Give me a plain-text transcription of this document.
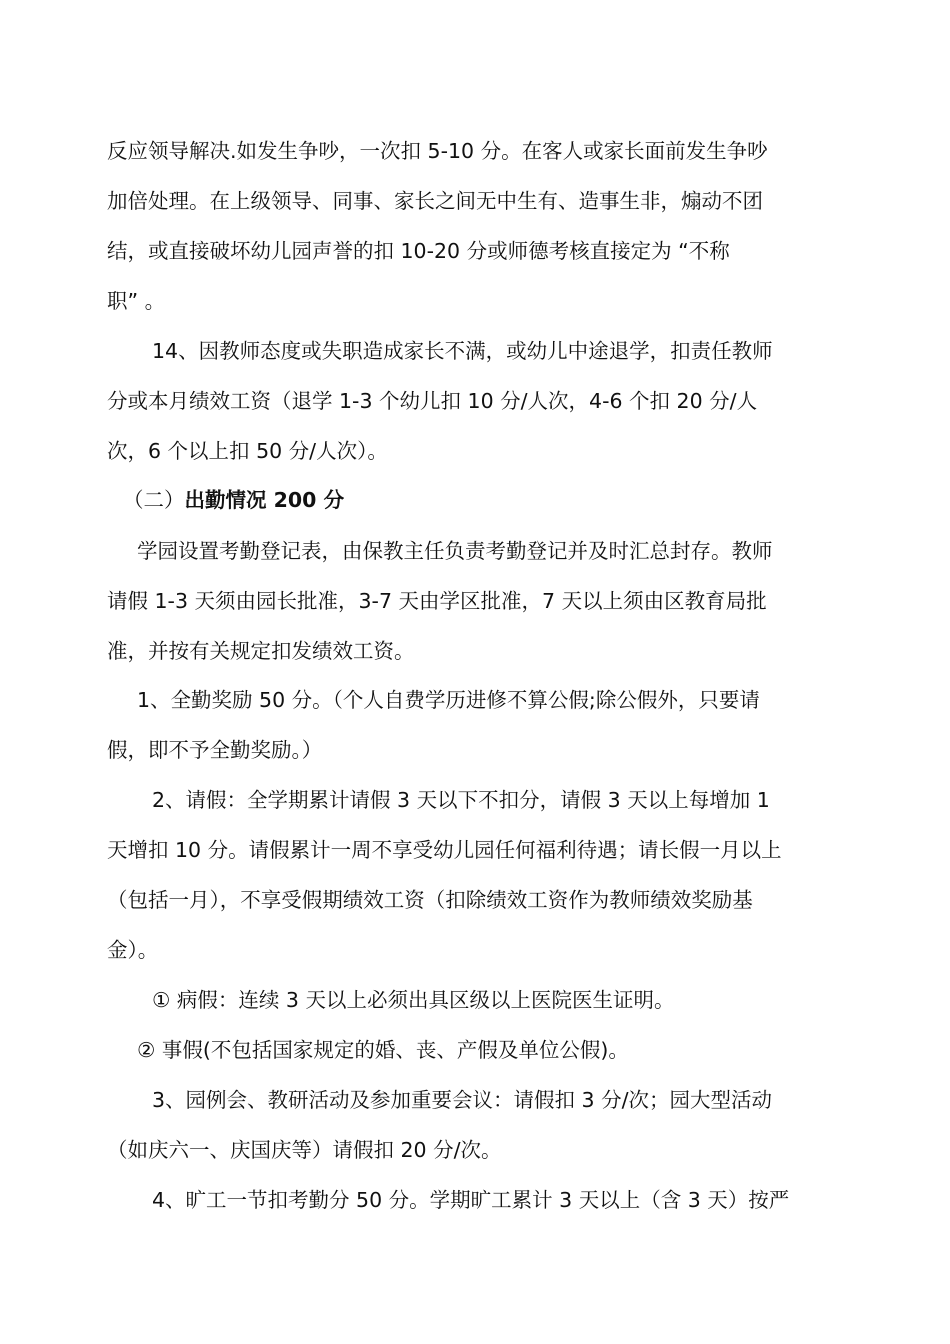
反应领导解决.如发生争吵，一次扣 5-10 分。在客人或家长面前发生争吵
加倍处理。在上级领导、同事、家长之间无中生有、造事生非，煽动不团
结，或直接破坏幼儿园声誉的扣 10-20 分或师德考核直接定为 “不称
职” 。
14、因教师态度或失职造成家长不满，或幼儿中途退学，扣责任教师
分或本月绩效工资（退学 1-3 个幼儿扣 10 分/人次，4-6 个扣 20 分/人
次，6 个以上扣 50 分/人次）。
（二）出勤情况 200 分
学园设置考勤登记表，由保教主任负责考勤登记并及时汇总封存。教师
请假 1-3 天须由园长批准，3-7 天由学区批准，7 天以上须由区教育局批
准，并按有关规定扣发绩效工资。
1、全勤奖励 50 分。（个人自费学历进修不算公假;除公假外，只要请
假，即不予全勤奖励。）
2、请假：全学期累计请假 3 天以下不扣分，请假 3 天以上每增加 1
天增扣 10 分。请假累计一周不享受幼儿园任何福利待遇；请长假一月以上
（包括一月），不享受假期绩效工资（扣除绩效工资作为教师绩效奖励基
金）。
① 病假：连续 3 天以上必须出具区级以上医院医生证明。
② 事假(不包括国家规定的婚、丧、产假及单位公假)。
3、园例会、教研活动及参加重要会议：请假扣 3 分/次；园大型活动
（如庆六一、庆国庆等）请假扣 20 分/次。
4、旷工一节扣考勤分 50 分。学期旷工累计 3 天以上（含 3 天）按严
